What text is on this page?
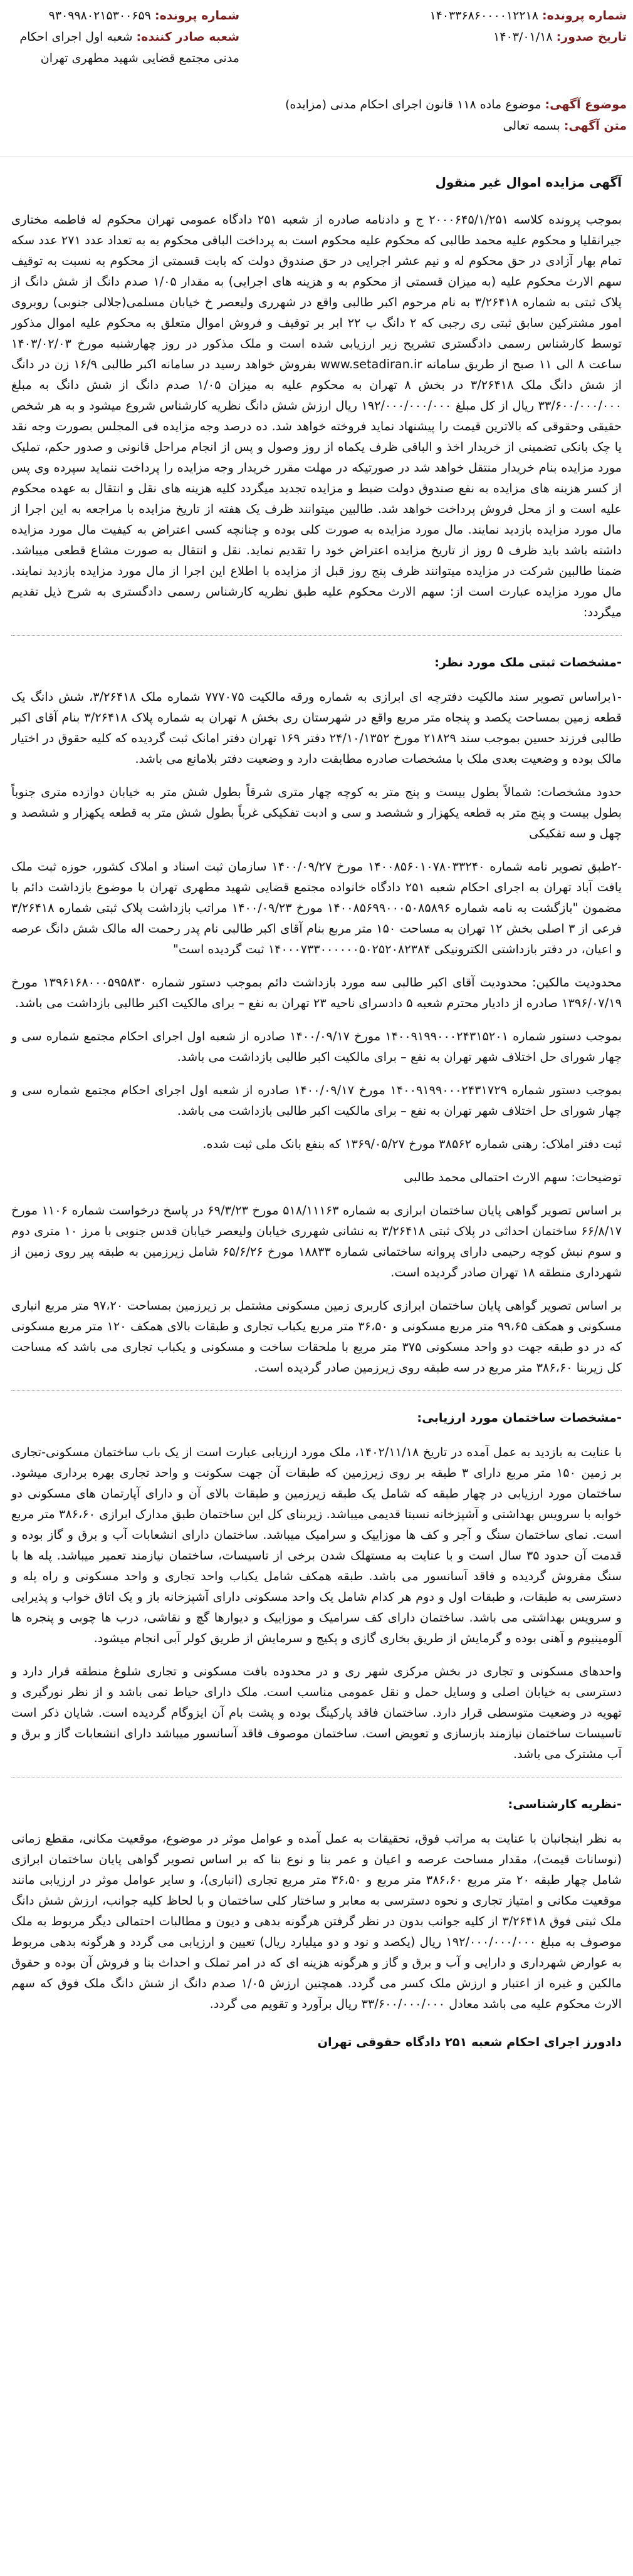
شماره پرونده: ۱۴۰۳۳۶۸۶۰۰۰۰۱۲۲۱۸
تاریخ صدور: ۱۴۰۳/۰۱/۱۸
شماره پرونده: ۹۳۰۹۹۸۰۲۱۵۳۰۰۶۵۹
شعبه صادر کننده: شعبه اول اجرای احکام مدنی مجتمع قضایی شهید مطهری تهران
موضوع آگهی: موضوع ماده ۱۱۸ قانون اجرای احکام مدنی (مزایده)
متن آگهی: بسمه تعالی
آگهی مزایده اموال غیر منقول

بموجب پرونده کلاسه ۲۰۰۰۶۴۵/۱/۲۵۱ ج و دادنامه صادره از شعبه ۲۵۱ دادگاه عمومی تهران محکوم له فاطمه مختاری جیرانقلیا و محکوم علیه محمد طالبی که محکوم علیه محکوم است به پرداخت الباقی محکوم به به تعداد عدد ۲۷۱ عدد سکه تمام بهار آزادی در حق محکوم له و نیم عشر اجرایی در حق صندوق دولت که بابت قسمتی از محکوم به نسبت به توقیف سهم الارث محکوم علیه (به میزان قسمتی از محکوم به و هزینه های اجرایی) به مقدار ۱/۰۵ صدم دانگ از شش دانگ از پلاک ثبتی به شماره ۳/۲۶۴۱۸ به نام مرحوم اکبر طالبی واقع در شهرری ولیعصر خ خیابان مسلمی(جلالی جنوبی) روبروی امور مشترکین سابق ثبتی ری رجبی که ۲ دانگ پ ۲۲ ابر بر توقیف و فروش اموال متعلق به محکوم علیه اموال مذکور توسط کارشناس رسمی دادگستری تشریح زیر ارزیابی شده است و ملک مذکور در روز چهارشنبه مورخ ۱۴۰۳/۰۲/۰۳ ساعت ۸ الی ۱۱ صبح از طریق سامانه www.setadiran.ir بفروش خواهد رسید در سامانه اکبر طالبی ۱۶/۹ زن در دانگ از شش دانگ ملک ۳/۲۶۴۱۸ در بخش ۸ تهران به محکوم علیه به میزان ۱/۰۵ صدم دانگ از شش دانگ به مبلغ ۳۳/۶۰۰/۰۰۰/۰۰۰ ریال از کل مبلغ ۱۹۲/۰۰۰/۰۰۰/۰۰۰ ریال ارزش شش دانگ نظریه کارشناس شروع میشود و به هر شخص حقیقی وحقوقی که بالاترین قیمت را پیشنهاد نماید فروخته خواهد شد. ده درصد وجه مزایده فی المجلس بصورت وجه نقد یا چک بانکی تضمینی از خریدار اخذ و الباقی ظرف یکماه از روز وصول و پس از انجام مراحل قانونی و صدور حکم، تملیک مورد مزایده بنام خریدار منتقل خواهد شد در صورتیکه در مهلت مقرر خریدار وجه مزایده را پرداخت ننماید سپرده وی پس از کسر هزینه های مزایده به نفع صندوق دولت ضبط و مزایده تجدید میگردد کلیه هزینه های نقل و انتقال به عهده محکوم علیه است و از محل فروش پرداخت خواهد شد. طالبین میتوانند ظرف یک هفته از تاریخ مزایده با مراجعه به این اجرا از مال مورد مزایده بازدید نمایند. مال مورد مزایده به صورت کلی بوده و چنانچه کسی اعتراض به کیفیت مال مورد مزایده داشته باشد باید ظرف ۵ روز از تاریخ مزایده اعتراض خود را تقدیم نماید. نقل و انتقال به صورت مشاع قطعی میباشد. ضمنا طالبین شرکت در مزایده میتوانند ظرف پنج روز قبل از مزایده با اطلاع این اجرا از مال مورد مزایده بازدید نمایند. مال مورد مزایده عبارت است از: سهم الارث محکوم علیه طبق نظریه کارشناس رسمی دادگستری به شرح ذیل تقدیم میگردد:

-مشخصات ثبتی ملک مورد نظر:

-۱براساس تصویر سند مالکیت دفترچه ای ابرازی به شماره ورقه مالکیت ۷۷۷۰۷۵ شماره ملک ۳/۲۶۴۱۸، شش دانگ یک قطعه زمین بمساحت یکصد و پنجاه متر مربع واقع در شهرستان ری بخش ۸ تهران به شماره پلاک ۳/۲۶۴۱۸ بنام آقای اکبر طالبی فرزند حسین بموجب سند ۲۱۸۲۹ مورخ ۲۴/۱۰/۱۳۵۲ دفتر ۱۶۹ تهران دفتر امانک ثبت گردیده که کلیه حقوق در اختیار مالک بوده و وضعیت بعدی ملک با مشخصات صادره مطابقت دارد و وضعیت دفتر بلامانع می باشد.

حدود مشخصات: شمالاً بطول بیست و پنج متر به کوچه چهار متری شرقاً بطول شش متر به خیابان دوازده متری جنوباً بطول بیست و پنج متر به قطعه یکهزار و ششصد و سی و ادبت تفکیکی غرباً بطول شش متر به قطعه یکهزار و ششصد و چهل و سه تفکیکی

-۲طبق تصویر نامه شماره ۱۴۰۰۸۵۶۰۱۰۷۸۰۳۳۲۴۰ مورخ ۱۴۰۰/۰۹/۲۷ سازمان ثبت اسناد و املاک کشور، حوزه ثبت ملک یافت آباد تهران به اجرای احکام شعبه ۲۵۱ دادگاه خانواده مجتمع قضایی شهید مطهری تهران با موضوع بازداشت دائم با مضمون "بازگشت به نامه شماره ۱۴۰۰۸۵۶۹۹۰۰۰۵۰۸۵۸۹۶ مورخ ۱۴۰۰/۰۹/۲۳ مراتب بازداشت پلاک ثبتی شماره ۳/۲۶۴۱۸ فرعی از ۳ اصلی بخش ۱۲ تهران به مساحت ۱۵۰ متر مربع بنام آقای اکبر طالبی نام پدر رحمت اله مالک شش دانگ عرصه و اعیان، در دفتر بازداشتی الکترونیکی ۱۴۰۰۰۷۳۳۰۰۰۰۰۰۵۰۲۵۲۰۸۲۳۸۴ ثبت گردیده است"

محدودیت مالکین: محدودیت آقای اکبر طالبی سه مورد بازداشت دائم بموجب دستور شماره ۱۳۹۶۱۶۸۰۰۰۵۹۵۸۳۰ مورخ ۱۳۹۶/۰۷/۱۹ صادره از دادیار محترم شعبه ۵ دادسرای ناحیه ۲۳ تهران به نفع – برای مالکیت اکبر طالبی بازداشت می باشد.

بموجب دستور شماره ۱۴۰۰۹۱۹۹۰۰۰۲۴۳۱۵۲۰۱ مورخ ۱۴۰۰/۰۹/۱۷ صادره از شعبه اول اجرای احکام مجتمع شماره سی و چهار شورای حل اختلاف شهر تهران به نفع – برای مالکیت اکبر طالبی بازداشت می باشد.

بموجب دستور شماره ۱۴۰۰۹۱۹۹۰۰۰۲۴۳۱۷۲۹ مورخ ۱۴۰۰/۰۹/۱۷ صادره از شعبه اول اجرای احکام مجتمع شماره سی و چهار شورای حل اختلاف شهر تهران به نفع – برای مالکیت اکبر طالبی بازداشت می باشد.

ثبت دفتر املاک: رهنی شماره ۳۸۵۶۲ مورخ ۱۳۶۹/۰۵/۲۷ که بنفع بانک ملی ثبت شده.

توضیحات: سهم الارث احتمالی محمد طالبی

بر اساس تصویر گواهی پایان ساختمان ابرازی به شماره ۵۱۸/۱۱۱۶۳ مورخ ۶۹/۳/۲۳ در پاسخ درخواست شماره ۱۱۰۶ مورخ ۶۶/۸/۱۷ ساختمان احداثی در پلاک ثبتی ۳/۲۶۴۱۸ به نشانی شهرری خیابان ولیعصر خیابان قدس جنوبی با مرز ۱۰ متری دوم و سوم نبش کوچه رحیمی دارای پروانه ساختمانی شماره ۱۸۸۳۳ مورخ ۶۵/۶/۲۶ شامل زیرزمین به طبقه پیر روی زمین از شهرداری منطقه ۱۸ تهران صادر گردیده است.

بر اساس تصویر گواهی پایان ساختمان ابرازی کاربری زمین مسکونی مشتمل بر زیرزمین بمساحت ۹۷،۲۰ متر مربع انباری مسکونی و همکف ۹۹،۶۵ متر مربع مسکونی و ۳۶،۵۰ متر مربع یکباب تجاری و طبقات بالای همکف ۱۲۰ متر مربع مسکونی که در دو طبقه جهت دو واحد مسکونی ۳۷۵ متر مربع با ملحقات ساخت و مسکونی و یکباب تجاری می باشد که مساحت کل زیربنا ۳۸۶،۶۰ متر مربع در سه طبقه روی زیرزمین صادر گردیده است.

-مشخصات ساختمان مورد ارزیابی:

با عنایت به بازدید به عمل آمده در تاریخ ۱۴۰۲/۱۱/۱۸، ملک مورد ارزیابی عبارت است از یک باب ساختمان مسکونی-تجاری بر زمین ۱۵۰ متر مربع دارای ۳ طبقه بر روی زیرزمین که طبقات آن جهت سکونت و واحد تجاری بهره برداری میشود. ساختمان مورد ارزیابی در چهار طبقه که شامل یک طبقه زیرزمین و طبقات بالای آن و دارای آپارتمان های مسکونی دو خوابه با سرویس بهداشتی و آشپزخانه نسبتا قدیمی میباشد. زیربنای کل این ساختمان طبق مدارک ابرازی ۳۸۶،۶۰ متر مربع است. نمای ساختمان سنگ و آجر و کف ها موزاییک و سرامیک میباشد. ساختمان دارای انشعابات آب و برق و گاز بوده و قدمت آن حدود ۳۵ سال است و با عنایت به مستهلک شدن برخی از تاسیسات، ساختمان نیازمند تعمیر میباشد. پله ها با سنگ مفروش گردیده و فاقد آسانسور می باشد. طبقه همکف شامل یکباب واحد تجاری و واحد مسکونی و راه پله و دسترسی به طبقات، و طبقات اول و دوم هر کدام شامل یک واحد مسکونی دارای آشپزخانه باز و یک اتاق خواب و پذیرایی و سرویس بهداشتی می باشد. ساختمان دارای کف سرامیک و موزاییک و دیوارها گچ و نقاشی، درب ها چوبی و پنجره ها آلومینیوم و آهنی بوده و گرمایش از طریق بخاری گازی و پکیج و سرمایش از طریق کولر آبی انجام میشود.

واحدهای مسکونی و تجاری در بخش مرکزی شهر ری و در محدوده بافت مسکونی و تجاری شلوغ منطقه قرار دارد و دسترسی به خیابان اصلی و وسایل حمل و نقل عمومی مناسب است. ملک دارای حیاط نمی باشد و از نظر نورگیری و تهویه در وضعیت متوسطی قرار دارد. ساختمان فاقد پارکینگ بوده و پشت بام آن ایزوگام گردیده است. شایان ذکر است تاسیسات ساختمان نیازمند بازسازی و تعویض است. ساختمان موصوف فاقد آسانسور میباشد دارای انشعابات گاز و برق و آب مشترک می باشد.

-نظریه کارشناسی:

به نظر اینجانبان با عنایت به مراتب فوق، تحقیقات به عمل آمده و عوامل موثر در موضوع، موقعیت مکانی، مقطع زمانی (نوسانات قیمت)، مقدار مساحت عرصه و اعیان و عمر بنا و نوع بنا که بر اساس تصویر گواهی پایان ساختمان ابرازی شامل چهار طبقه ۲۰ متر مربع ۳۸۶،۶۰ متر مربع و ۳۶،۵۰ متر مربع تجاری (انباری)، و سایر عوامل موثر در ارزیابی مانند موقعیت مکانی و امتیاز تجاری و نحوه دسترسی به معابر و ساختار کلی ساختمان و با لحاظ کلیه جوانب، ارزش شش دانگ ملک ثبتی فوق ۳/۲۶۴۱۸ از کلیه جوانب بدون در نظر گرفتن هرگونه بدهی و دیون و مطالبات احتمالی دیگر مربوط به ملک موصوف به مبلغ ۱۹۲/۰۰۰/۰۰۰/۰۰۰ ریال (یکصد و نود و دو میلیارد ریال) تعیین و ارزیابی می گردد و هرگونه بدهی مربوط به عوارض شهرداری و دارایی و آب و برق و گاز و هرگونه هزینه ای که در امر تملک و احداث بنا و فروش آن بوده و حقوق مالکین و غیره از اعتبار و ارزش ملک کسر می گردد. همچنین ارزش ۱/۰۵ صدم دانگ از شش دانگ ملک فوق که سهم الارث محکوم علیه می باشد معادل ۳۳/۶۰۰/۰۰۰/۰۰۰ ریال برآورد و تقویم می گردد.

دادورز اجرای احکام شعبه ۲۵۱ دادگاه حقوقی تهران
